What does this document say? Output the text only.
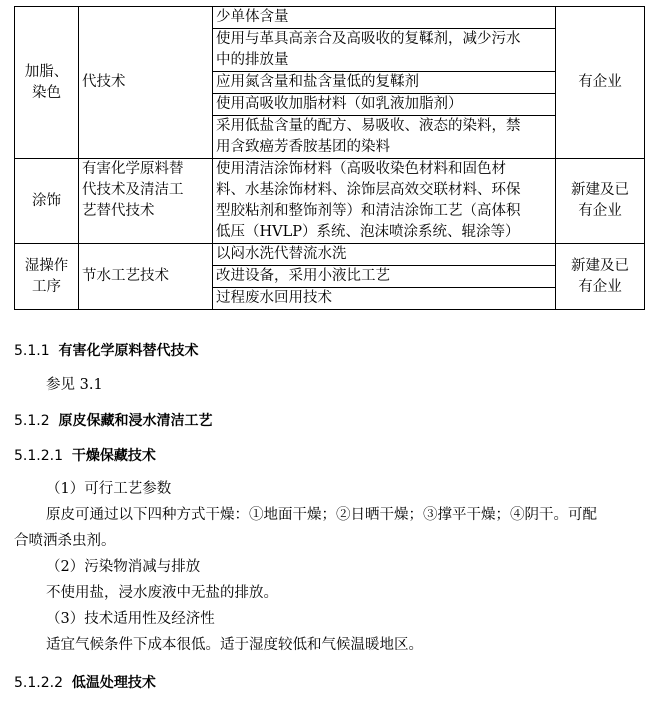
加脂、
染色	代技术	少单体含量	有企业
		使用与革具高亲合及高吸收的复鞣剂，减少污水
中的排放量	
		应用氮含量和盐含量低的复鞣剂	
		使用高吸收加脂材料（如乳液加脂剂）	
		采用低盐含量的配方、易吸收、液态的染料，禁
用含致癌芳香胺基团的染料	
涂饰	有害化学原料替
代技术及清洁工
艺替代技术	使用清洁涂饰材料（高吸收染色材料和固色材
料、水基涂饰材料、涂饰层高效交联材料、环保
型胶粘剂和整饰剂等）和清洁涂饰工艺（高体积
低压（HVLP）系统、泡沫喷涂系统、辊涂等）	新建及已
有企业
湿操作
工序	节水工艺技术	以闷水洗代替流水洗	新建及已
有企业
		改进设备，采用小液比工艺	
		过程废水回用技术	
5.1.1 有害化学原料替代技术
参见 3.1
5.1.2 原皮保藏和浸水清洁工艺
5.1.2.1 干燥保藏技术
（1）可行工艺参数
原皮可通过以下四种方式干燥：①地面干燥；②日晒干燥；③撑平干燥；④阴干。可配
合喷洒杀虫剂。
（2）污染物消减与排放
不使用盐，浸水废液中无盐的排放。
（3）技术适用性及经济性
适宜气候条件下成本很低。适于湿度较低和气候温暖地区。
5.1.2.2 低温处理技术
